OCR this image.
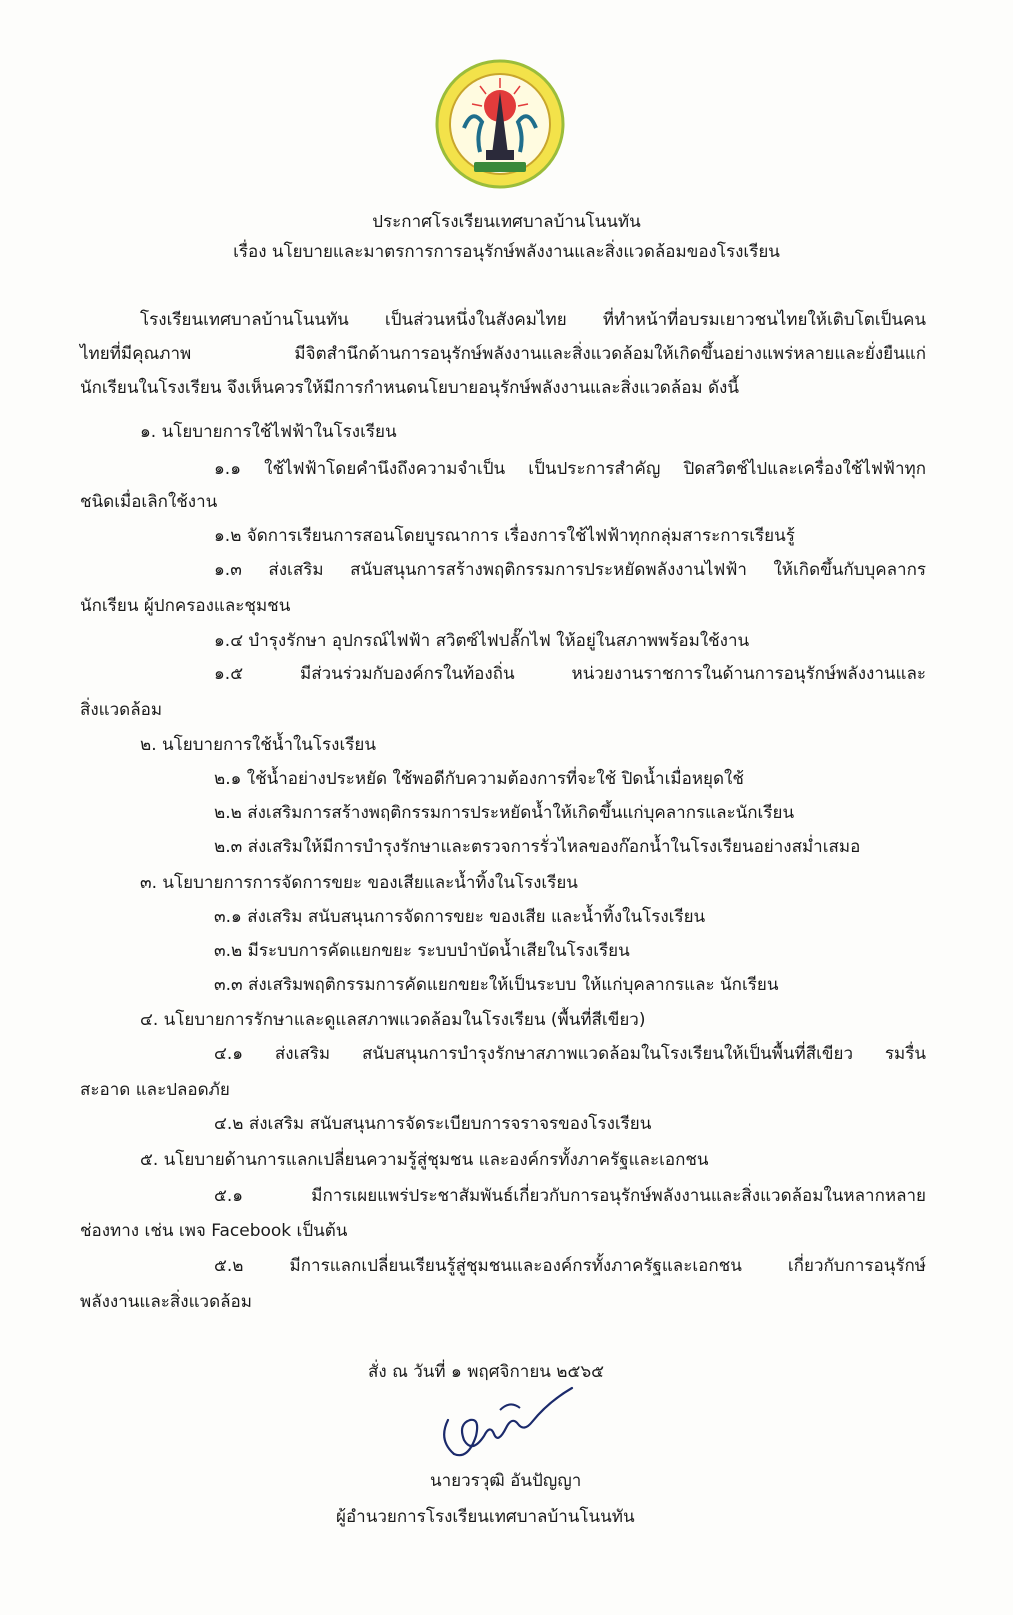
ประกาศโรงเรียนเทศบาลบ้านโนนทัน
เรื่อง นโยบายและมาตรการการอนุรักษ์พลังงานและสิ่งแวดล้อมของโรงเรียน
โรงเรียนเทศบาลบ้านโนนทัน เป็นส่วนหนึ่งในสังคมไทย ที่ทำหน้าที่อบรมเยาวชนไทยให้เติบโตเป็นคน
ไทยที่มีคุณภาพ มีจิตสำนึกด้านการอนุรักษ์พลังงานและสิ่งแวดล้อมให้เกิดขึ้นอย่างแพร่หลายและยั่งยืนแก่
นักเรียนในโรงเรียน จึงเห็นควรให้มีการกำหนดนโยบายอนุรักษ์พลังงานและสิ่งแวดล้อม ดังนี้
๑. นโยบายการใช้ไฟฟ้าในโรงเรียน
๑.๑ ใช้ไฟฟ้าโดยคำนึงถึงความจำเป็น เป็นประการสำคัญ ปิดสวิตช์ไปและเครื่องใช้ไฟฟ้าทุก
ชนิดเมื่อเลิกใช้งาน
๑.๒ จัดการเรียนการสอนโดยบูรณาการ เรื่องการใช้ไฟฟ้าทุกกลุ่มสาระการเรียนรู้
๑.๓ ส่งเสริม สนับสนุนการสร้างพฤติกรรมการประหยัดพลังงานไฟฟ้า ให้เกิดขึ้นกับบุคลากร
นักเรียน ผู้ปกครองและชุมชน
๑.๔ บำรุงรักษา อุปกรณ์ไฟฟ้า สวิตซ์ไฟปลั๊กไฟ ให้อยู่ในสภาพพร้อมใช้งาน
๑.๕ มีส่วนร่วมกับองค์กรในท้องถิ่น หน่วยงานราชการในด้านการอนุรักษ์พลังงานและ
สิ่งแวดล้อม
๒. นโยบายการใช้น้ำในโรงเรียน
๒.๑ ใช้น้ำอย่างประหยัด ใช้พอดีกับความต้องการที่จะใช้ ปิดน้ำเมื่อหยุดใช้
๒.๒ ส่งเสริมการสร้างพฤติกรรมการประหยัดน้ำให้เกิดขึ้นแก่บุคลากรและนักเรียน
๒.๓ ส่งเสริมให้มีการบำรุงรักษาและตรวจการรั่วไหลของก๊อกน้ำในโรงเรียนอย่างสม่ำเสมอ
๓. นโยบายการการจัดการขยะ ของเสียและน้ำทิ้งในโรงเรียน
๓.๑ ส่งเสริม สนับสนุนการจัดการขยะ ของเสีย และน้ำทิ้งในโรงเรียน
๓.๒ มีระบบการคัดแยกขยะ ระบบบำบัดน้ำเสียในโรงเรียน
๓.๓ ส่งเสริมพฤติกรรมการคัดแยกขยะให้เป็นระบบ ให้แก่บุคลากรและ นักเรียน
๔. นโยบายการรักษาและดูแลสภาพแวดล้อมในโรงเรียน (พื้นที่สีเขียว)
๔.๑ ส่งเสริม สนับสนุนการบำรุงรักษาสภาพแวดล้อมในโรงเรียนให้เป็นพื้นที่สีเขียว รมรื่น
สะอาด และปลอดภัย
๔.๒ ส่งเสริม สนับสนุนการจัดระเบียบการจราจรของโรงเรียน
๕. นโยบายด้านการแลกเปลี่ยนความรู้สู่ชุมชน และองค์กรทั้งภาครัฐและเอกชน
๕.๑ มีการเผยแพร่ประชาสัมพันธ์เกี่ยวกับการอนุรักษ์พลังงานและสิ่งแวดล้อมในหลากหลาย
ช่องทาง เช่น เพจ Facebook เป็นต้น
๕.๒ มีการแลกเปลี่ยนเรียนรู้สู่ชุมชนและองค์กรทั้งภาครัฐและเอกชน เกี่ยวกับการอนุรักษ์
พลังงานและสิ่งแวดล้อม
สั่ง ณ วันที่ ๑ พฤศจิกายน ๒๕๖๕
นายวรวุฒิ อันปัญญา
ผู้อำนวยการโรงเรียนเทศบาลบ้านโนนทัน
